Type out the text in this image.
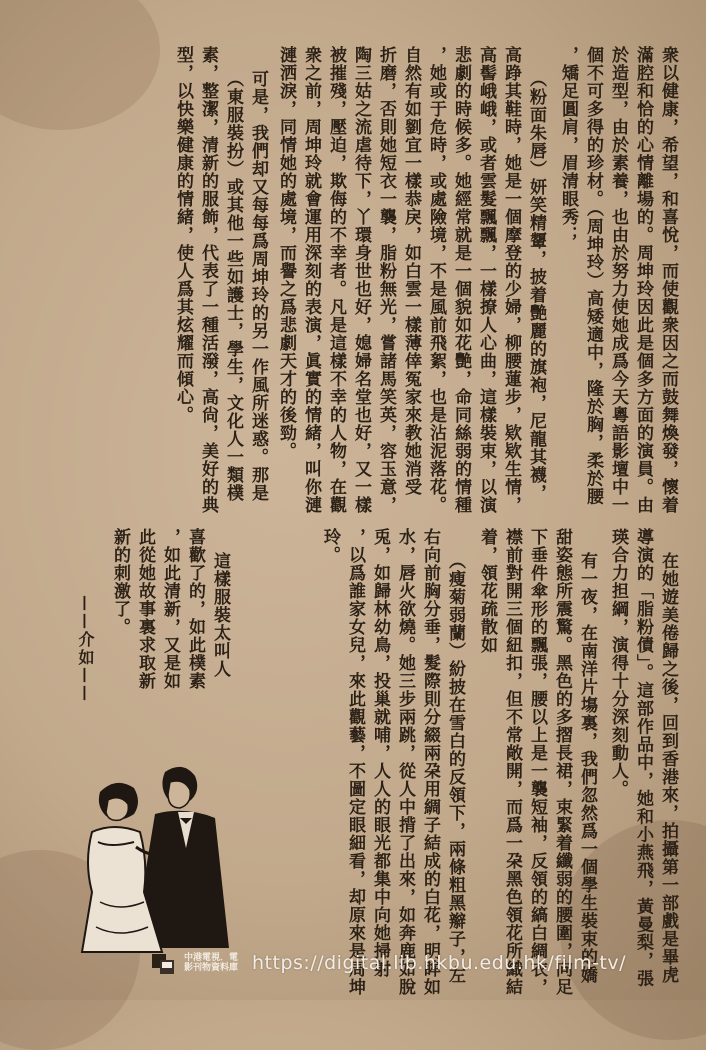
衆以健康，希望，和喜悅，而使觀衆因之而鼓舞煥發，懷着
滿腔和恰的心情離場的。周坤玲因此是個多方面的演員。由
於造型，由於素養，也由於努力使她成爲今天粵語影壇中一
個不可多得的珍材。（周坤玲）高矮適中，隆於胸，柔於腰
，矯足圓肩，眉清眼秀；
（粉面朱唇）妍笑精顰，披着艷麗的旗袍，尼龍其襪，
高踭其鞋時，她是一個摩登的少婦，柳腰蓮步，欵欵生情，
高髻峨峨，或者雲髮飄飄，一樣撩人心曲，這樣裝束，以演
悲劇的時候多。她經常就是一個貌如花艷，命同絲弱的情種
，她或于危時，或處險境，不是風前飛絮，也是沾泥落花。
自然有如劉宜一樣恭戾，如白雲一樣薄倖冤家來教她消受
折磨，否則她短衣一襲，脂粉無光，嘗諸馬笑英，容玉意，
陶三姑之流虐待下，丫環身世也好，媳婦名堂也好，又一樣
被摧殘，壓迫，欺侮的不幸者。凡是這樣不幸的人物，在觀
衆之前，周坤玲就會運用深刻的表演，眞實的情緒，叫你漣
漣洒淚，同情她的處境，而譽之爲悲劇天才的後勁。
可是，我們却又每每爲周坤玲的另一作風所迷惑。那是
（東服裝扮）或其他一些如護士，學生，文化人一類樸
素，整潔，清新的服飾，代表了一種活潑，高尙，美好的典
型，以快樂健康的情緒，使人爲其炫耀而傾心。
在她遊美倦歸之後，回到香港來，拍攝第一部戲是畢虎
導演的「脂粉債」。這部作品中，她和小燕飛，黃曼梨，張
瑛合力担綱，演得十分深刻動人。
有一夜，在南洋片塲裏，我們忽然爲一個學生裝束的嬌
甜姿態所震驚。黑色的多摺長裙，束緊着纖弱的腰圍，向足
下垂件傘形的飄張，腰以上是一襲短袖，反領的縞白綢衣，
襟前對開三個紐扣，但不常敞開，而爲一朶黑色領花所織結
着，領花疏散如
（瘦菊弱蘭）紛披在雪白的反領下，兩條粗黑辮子，左
右向前胸分垂，髮際則分綴兩朶用綢子結成的白花，明眸如
水，唇火欲燒。她三步兩跳，從人中揹了出來，如奔鹿如脫
兎，如歸林幼鳥，投巢就哺，人人的眼光都集中向她掃射
，以爲誰家女兒，來此觀藝，不圖定眼細看，却原來是周坤
玲。
這樣服裝太叫人
喜歡了的，如此樸素
，如此清新，又是如
此從她故事裏求取新
新的刺激了。
——介如——
中港電視．電影刊物資料庫 https://digital.lib.hkbu.edu.hk/film-tv/
